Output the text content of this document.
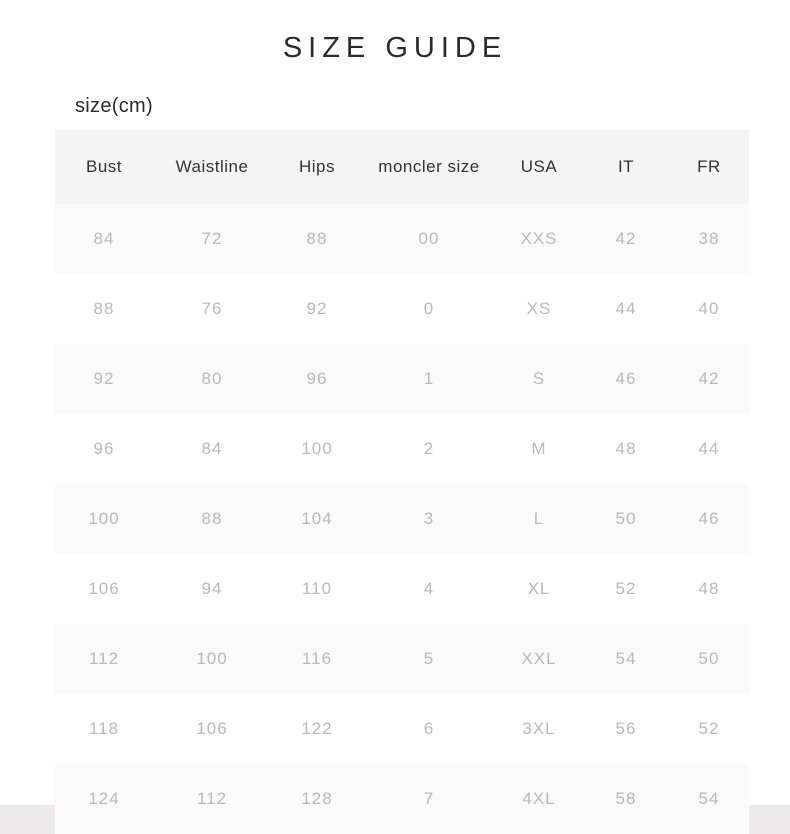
SIZE GUIDE
size(cm)
Bust	Waistline	Hips	moncler size	USA	IT	FR
84	72	88	00	XXS	42	38
88	76	92	0	XS	44	40
92	80	96	1	S	46	42
96	84	100	2	M	48	44
100	88	104	3	L	50	46
106	94	110	4	XL	52	48
112	100	116	5	XXL	54	50
118	106	122	6	3XL	56	52
124	112	128	7	4XL	58	54
